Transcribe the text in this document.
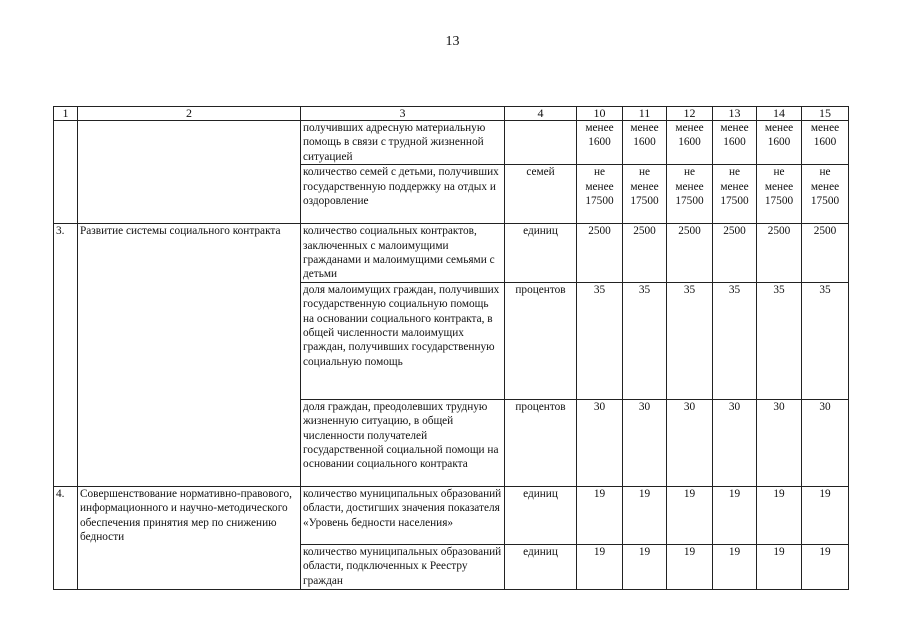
13
1	2	3	4	10	11	12	13	14	15
		получивших адресную материальную помощь в связи с трудной жизненной ситуацией		менее 1600	менее 1600	менее 1600	менее 1600	менее 1600	менее 1600
		количество семей с детьми, получивших государственную поддержку на отдых и оздоровление	семей	не менее 17500	не менее 17500	не менее 17500	не менее 17500	не менее 17500	не менее 17500
3.	Развитие системы социального контракта	количество социальных контрактов, заключенных с малоимущими гражданами и малоимущими семьями с детьми	единиц	2500	2500	2500	2500	2500	2500
		доля малоимущих граждан, получивших государственную социальную помощь на основании социального контракта, в общей численности малоимущих граждан, получивших государственную социальную помощь	процентов	35	35	35	35	35	35
		доля граждан, преодолевших трудную жизненную ситуацию, в общей численности получателей государственной социальной помощи на основании социального контракта	процентов	30	30	30	30	30	30
4.	Совершенствование нормативно-правового, информационного и научно-методического обеспечения принятия мер по снижению бедности	количество муниципальных образований области, достигших значения показателя «Уровень бедности населения»	единиц	19	19	19	19	19	19
		количество муниципальных образований области, подключенных к Реестру граждан	единиц	19	19	19	19	19	19
